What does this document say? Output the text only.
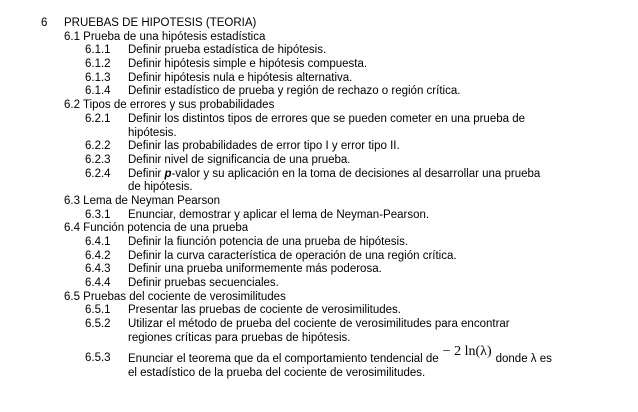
6 PRUEBAS DE HIPOTESIS (TEORIA)
6.1 Prueba de una hipótesis estadística
6.1.1 Definir prueba estadística de hipótesis.
6.1.2 Definir hipótesis simple e hipótesis compuesta.
6.1.3 Definir hipótesis nula e hipótesis alternativa.
6.1.4 Definir estadístico de prueba y región de rechazo o región crítica.
6.2 Tipos de errores y sus probabilidades
6.2.1 Definir los distintos tipos de errores que se pueden cometer en una prueba de
hipótesis.
6.2.2 Definir las probabilidades de error tipo I y error tipo II.
6.2.3 Definir nivel de significancia de una prueba.
6.2.4 Definir p-valor y su aplicación en la toma de decisiones al desarrollar una prueba
de hipótesis.
6.3 Lema de Neyman Pearson
6.3.1 Enunciar, demostrar y aplicar el lema de Neyman-Pearson.
6.4 Función potencia de una prueba
6.4.1 Definir la fiunción potencia de una prueba de hipótesis.
6.4.2 Definir la curva característica de operación de una región crítica.
6.4.3 Definir una prueba uniformemente más poderosa.
6.4.4 Definir pruebas secuenciales.
6.5 Pruebas del cociente de verosimilitudes
6.5.1 Presentar las pruebas de cociente de verosimilitudes.
6.5.2 Utilizar el método de prueba del cociente de verosimilitudes para encontrar
regiones críticas para pruebas de hipótesis.
6.5.3 Enunciar el teorema que da el comportamiento tendencial de − 2 ln(λ) donde λ es
el estadístico de la prueba del cociente de verosimilitudes.
